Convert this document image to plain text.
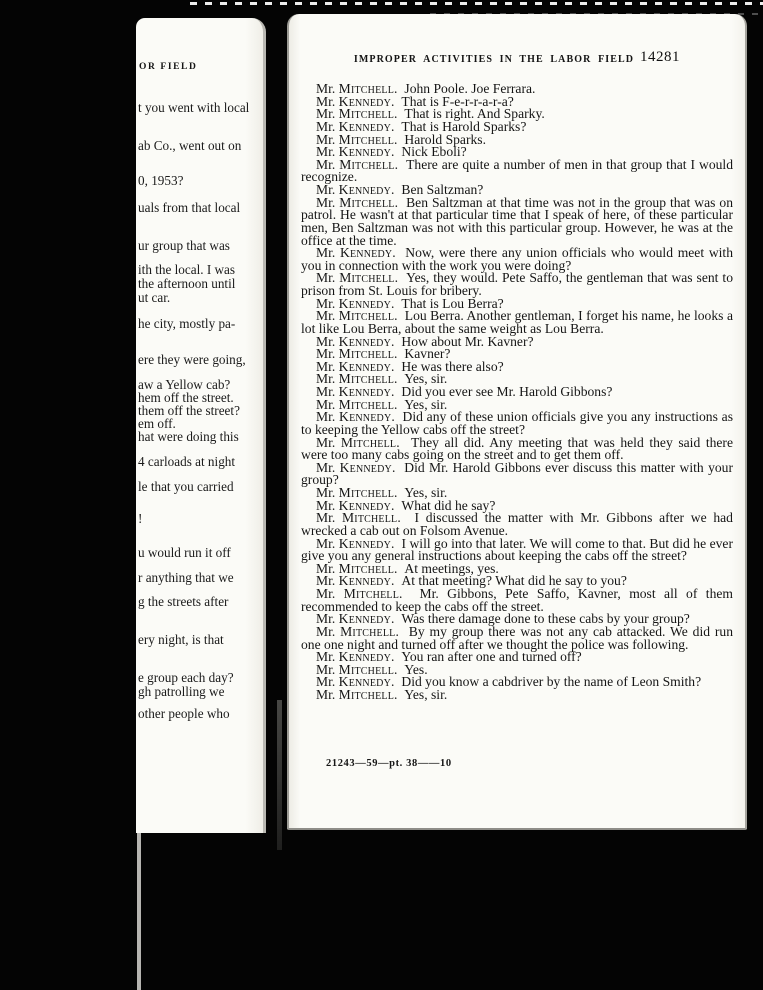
OR FIELD
t you went with local
ab Co., went out on
0, 1953?
uals from that local
ur group that was
ith the local. I was
the afternoon until
ut car.
he city, mostly pa-
ere they were going,
aw a Yellow cab?
hem off the street.
them off the street?
em off.
hat were doing this
4 carloads at night
le that you carried
!
u would run it off
r anything that we
g the streets after
ery night, is that
e group each day?
gh patrolling we
other people who
IMPROPER ACTIVITIES IN THE LABOR FIELD 14281

Mr. Mitchell.  John Poole. Joe Ferrara.

Mr. Kennedy.  That is F-e-r-r-a-r-a?

Mr. Mitchell.  That is right. And Sparky.

Mr. Kennedy.  That is Harold Sparks?

Mr. Mitchell.  Harold Sparks.

Mr. Kennedy.  Nick Eboli?

Mr. Mitchell.  There are quite a number of men in that group that I would recognize.

Mr. Kennedy.  Ben Saltzman?

Mr. Mitchell.  Ben Saltzman at that time was not in the group that was on patrol. He wasn't at that particular time that I speak of here, of these particular men, Ben Saltzman was not with this particular group. However, he was at the office at the time.

Mr. Kennedy.  Now, were there any union officials who would meet with you in connection with the work you were doing?

Mr. Mitchell.  Yes, they would. Pete Saffo, the gentleman that was sent to prison from St. Louis for bribery.

Mr. Kennedy.  That is Lou Berra?

Mr. Mitchell.  Lou Berra. Another gentleman, I forget his name, he looks a lot like Lou Berra, about the same weight as Lou Berra.

Mr. Kennedy.  How about Mr. Kavner?

Mr. Mitchell.  Kavner?

Mr. Kennedy.  He was there also?

Mr. Mitchell.  Yes, sir.

Mr. Kennedy.  Did you ever see Mr. Harold Gibbons?

Mr. Mitchell.  Yes, sir.

Mr. Kennedy.  Did any of these union officials give you any instructions as to keeping the Yellow cabs off the street?

Mr. Mitchell.  They all did. Any meeting that was held they said there were too many cabs going on the street and to get them off.

Mr. Kennedy.  Did Mr. Harold Gibbons ever discuss this matter with your group?

Mr. Mitchell.  Yes, sir.

Mr. Kennedy.  What did he say?

Mr. Mitchell.  I discussed the matter with Mr. Gibbons after we had wrecked a cab out on Folsom Avenue.

Mr. Kennedy.  I will go into that later. We will come to that. But did he ever give you any general instructions about keeping the cabs off the street?

Mr. Mitchell.  At meetings, yes.

Mr. Kennedy.  At that meeting? What did he say to you?

Mr. Mitchell.  Mr. Gibbons, Pete Saffo, Kavner, most all of them recommended to keep the cabs off the street.

Mr. Kennedy.  Was there damage done to these cabs by your group?

Mr. Mitchell.  By my group there was not any cab attacked. We did run one one night and turned off after we thought the police was following.

Mr. Kennedy.  You ran after one and turned off?

Mr. Mitchell.  Yes.

Mr. Kennedy.  Did you know a cabdriver by the name of Leon Smith?

Mr. Mitchell.  Yes, sir.

21243—59—pt. 38——10
